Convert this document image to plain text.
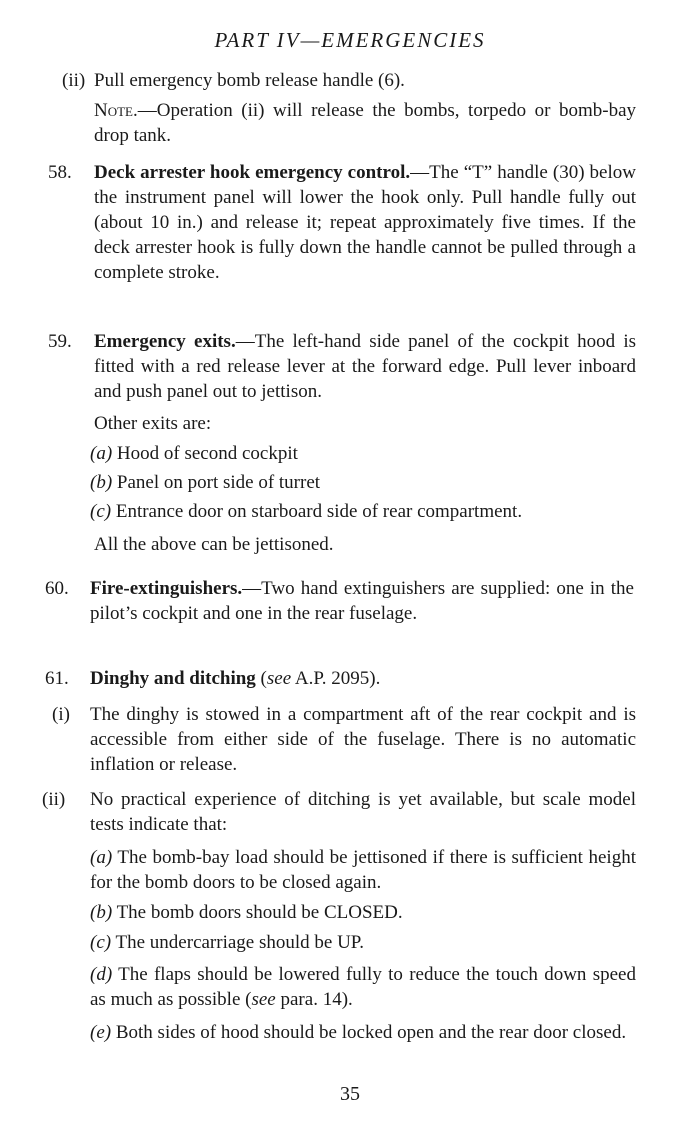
PART IV—EMERGENCIES
(ii) Pull emergency bomb release handle (6).

Note.—Operation (ii) will release the bombs, torpedo or bomb-bay drop tank.

58. Deck arrester hook emergency control.—The “T” handle (30) below the instrument panel will lower the hook only. Pull handle fully out (about 10 in.) and release it; repeat approximately five times. If the deck arrester hook is fully down the handle cannot be pulled through a complete stroke.

59. Emergency exits.—The left-hand side panel of the cockpit hood is fitted with a red release lever at the forward edge. Pull lever inboard and push panel out to jettison.

Other exits are:
(a) Hood of second cockpit
(b) Panel on port side of turret
(c) Entrance door on starboard side of rear compartment.
All the above can be jettisoned.
60. Fire-extinguishers.—Two hand extinguishers are supplied: one in the pilot’s cockpit and one in the rear fuselage.

61. Dinghy and ditching (see A.P. 2095).
(i) The dinghy is stowed in a compartment aft of the rear cockpit and is accessible from either side of the fuselage. There is no automatic inflation or release.
(ii) No practical experience of ditching is yet available, but scale model tests indicate that:
(a) The bomb-bay load should be jettisoned if there is sufficient height for the bomb doors to be closed again.
(b) The bomb doors should be CLOSED.
(c) The undercarriage should be UP.
(d) The flaps should be lowered fully to reduce the touch down speed as much as possible (see para. 14).
(e) Both sides of hood should be locked open and the rear door closed.
35
